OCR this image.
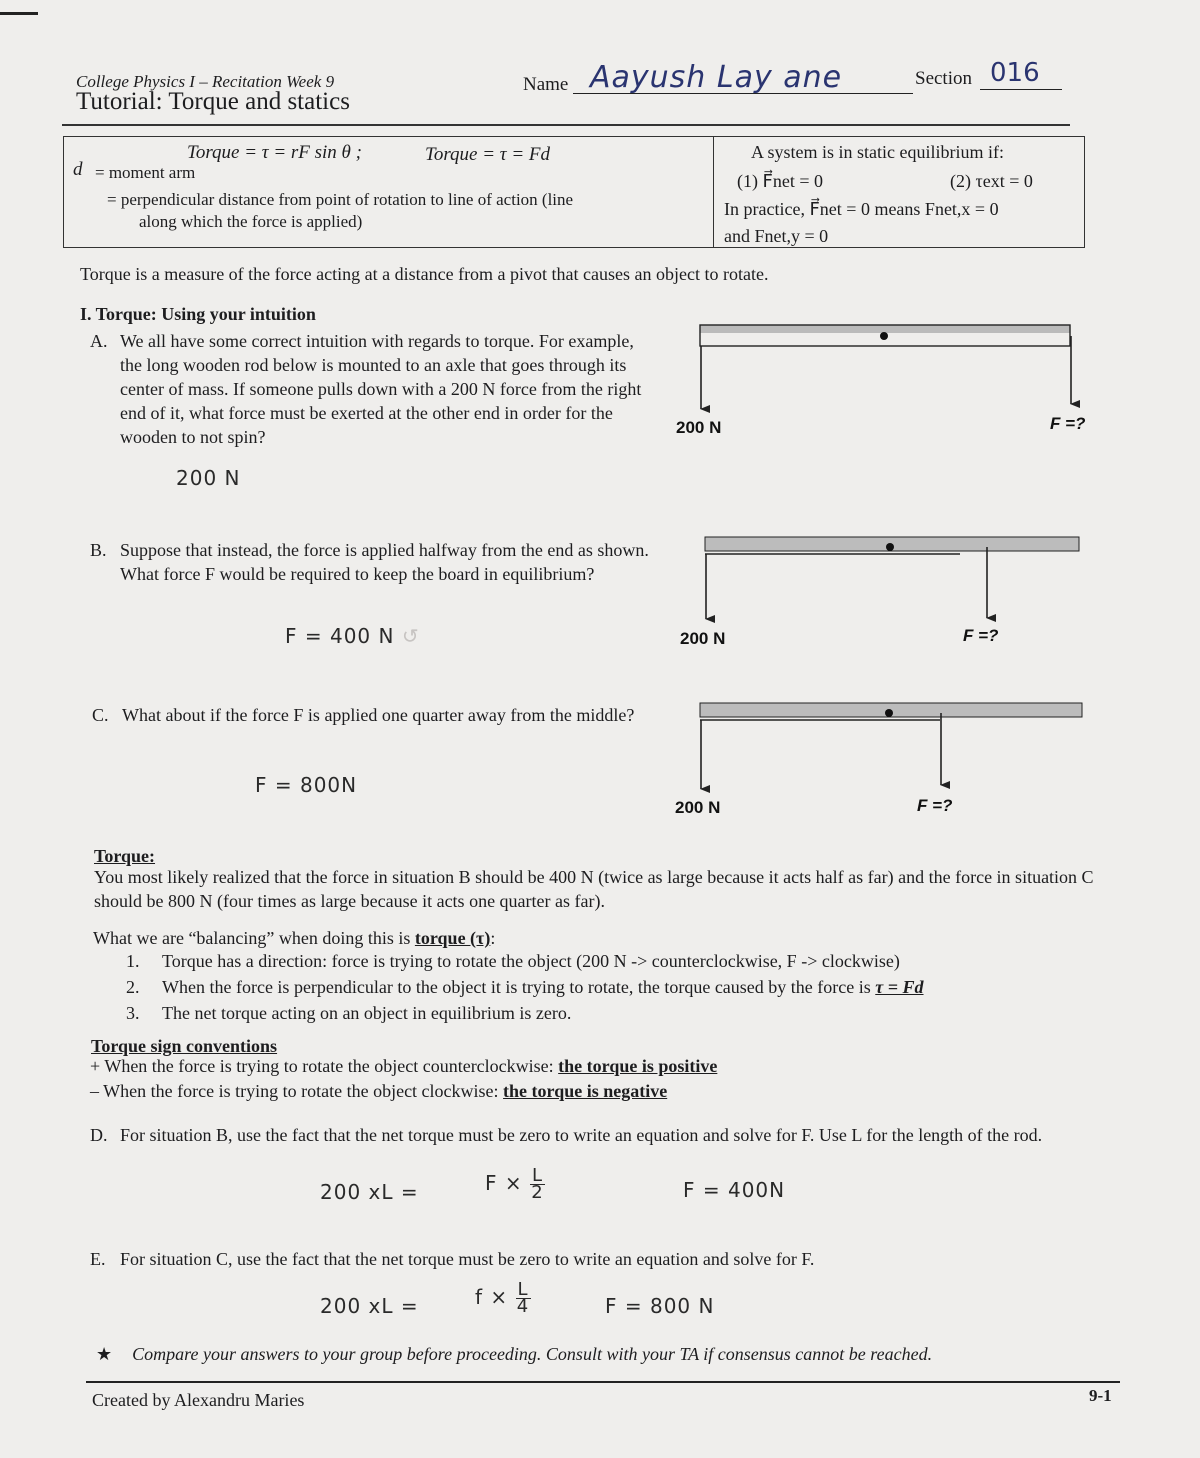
College Physics I – Recitation Week 9
Tutorial: Torque and statics
Name Aayush Lay ane	Section 016
Torque = τ = rF sin θ ;	Torque = τ = Fd
d = moment arm
= perpendicular distance from point of rotation to line of action (line
along which the force is applied)
A system is in static equilibrium if:
(1) F⃗net = 0	(2) τext = 0
In practice, F⃗net = 0 means Fnet,x = 0
and Fnet,y = 0
Torque is a measure of the force acting at a distance from a pivot that causes an object to rotate.
I. Torque: Using your intuition
A. We all have some correct intuition with regards to torque. For example, the long wooden rod below is mounted to an axle that goes through its center of mass. If someone pulls down with a 200 N force from the right end of it, what force must be exerted at the other end in order for the wooden to not spin?
200 N
B. Suppose that instead, the force is applied halfway from the end as shown. What force F would be required to keep the board in equilibrium?
F = 400 N ↺
C. What about if the force F is applied one quarter away from the middle?
F = 800N
200 N	F =?
200 N	F =?
200 N	F =?
Torque:
You most likely realized that the force in situation B should be 400 N (twice as large because it acts half as far) and the force in situation C should be 800 N (four times as large because it acts one quarter as far).
What we are “balancing” when doing this is torque (τ):
1. Torque has a direction: force is trying to rotate the object (200 N -> counterclockwise, F -> clockwise)
2. When the force is perpendicular to the object it is trying to rotate, the torque caused by the force is τ = Fd
3. The net torque acting on an object in equilibrium is zero.
Torque sign conventions
+ When the force is trying to rotate the object counterclockwise: the torque is positive
– When the force is trying to rotate the object clockwise: the torque is negative
D. For situation B, use the fact that the net torque must be zero to write an equation and solve for F. Use L for the length of the rod.
200 xL =	$F \times \frac{L}{2}$	F = 400N
E. For situation C, use the fact that the net torque must be zero to write an equation and solve for F.
200 xL =	$f \times \frac{L}{4}$	F = 800 N
★ Compare your answers to your group before proceeding. Consult with your TA if consensus cannot be reached.
Created by Alexandru Maries	9-1
